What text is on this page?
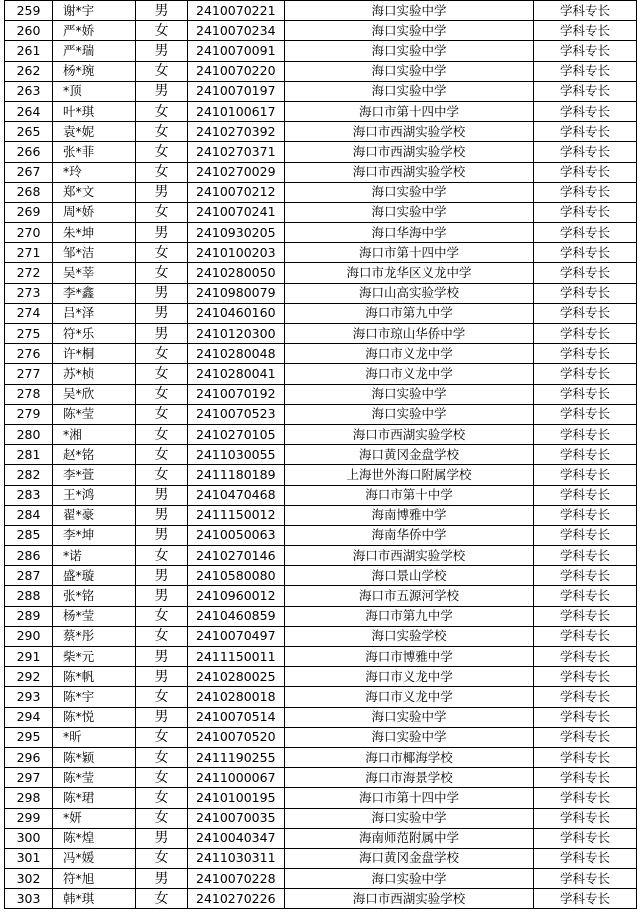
259	谢*宇	男	2410070221	海口实验中学	学科专长
260	严*娇	女	2410070234	海口实验中学	学科专长
261	严*瑞	男	2410070091	海口实验中学	学科专长
262	杨*琬	女	2410070220	海口实验中学	学科专长
263	*顶	男	2410070197	海口实验中学	学科专长
264	叶*琪	女	2410100617	海口市第十四中学	学科专长
265	袁*妮	女	2410270392	海口市西湖实验学校	学科专长
266	张*菲	女	2410270371	海口市西湖实验学校	学科专长
267	*玲	女	2410270029	海口市西湖实验学校	学科专长
268	郑*文	男	2410070212	海口实验中学	学科专长
269	周*娇	女	2410070241	海口实验中学	学科专长
270	朱*坤	男	2410930205	海口华海中学	学科专长
271	邹*洁	女	2410100203	海口市第十四中学	学科专长
272	吴*莘	女	2410280050	海口市龙华区义龙中学	学科专长
273	李*鑫	男	2410980079	海口山高实验学校	学科专长
274	吕*泽	男	2410460160	海口市第九中学	学科专长
275	符*乐	男	2410120300	海口市琼山华侨中学	学科专长
276	许*桐	女	2410280048	海口市义龙中学	学科专长
277	苏*桢	女	2410280041	海口市义龙中学	学科专长
278	吴*欣	女	2410070192	海口实验中学	学科专长
279	陈*莹	女	2410070523	海口实验中学	学科专长
280	*湘	女	2410270105	海口市西湖实验学校	学科专长
281	赵*铭	女	2411030055	海口黄冈金盘学校	学科专长
282	李*萱	女	2411180189	上海世外海口附属学校	学科专长
283	王*鸿	男	2410470468	海口市第十中学	学科专长
284	翟*豪	男	2411150012	海南博雅中学	学科专长
285	李*坤	男	2410050063	海南华侨中学	学科专长
286	*诺	女	2410270146	海口市西湖实验学校	学科专长
287	盛*璇	男	2410580080	海口景山学校	学科专长
288	张*铭	男	2410960012	海口市五源河学校	学科专长
289	杨*莹	女	2410460859	海口市第九中学	学科专长
290	蔡*彤	女	2410070497	海口实验学校	学科专长
291	柴*元	男	2411150011	海口市博雅中学	学科专长
292	陈*帆	男	2410280025	海口市义龙中学	学科专长
293	陈*宇	女	2410280018	海口市义龙中学	学科专长
294	陈*悦	男	2410070514	海口实验中学	学科专长
295	*昕	女	2410070520	海口实验中学	学科专长
296	陈*颖	女	2411190255	海口市椰海学校	学科专长
297	陈*莹	女	2411000067	海口市海景学校	学科专长
298	陈*珺	女	2410100195	海口市第十四中学	学科专长
299	*妍	女	2410070035	海口实验中学	学科专长
300	陈*煌	男	2410040347	海南师范附属中学	学科专长
301	冯*媛	女	2411030311	海口黄冈金盘学校	学科专长
302	符*旭	男	2410070228	海口实验中学	学科专长
303	韩*琪	女	2410270226	海口市西湖实验学校	学科专长
